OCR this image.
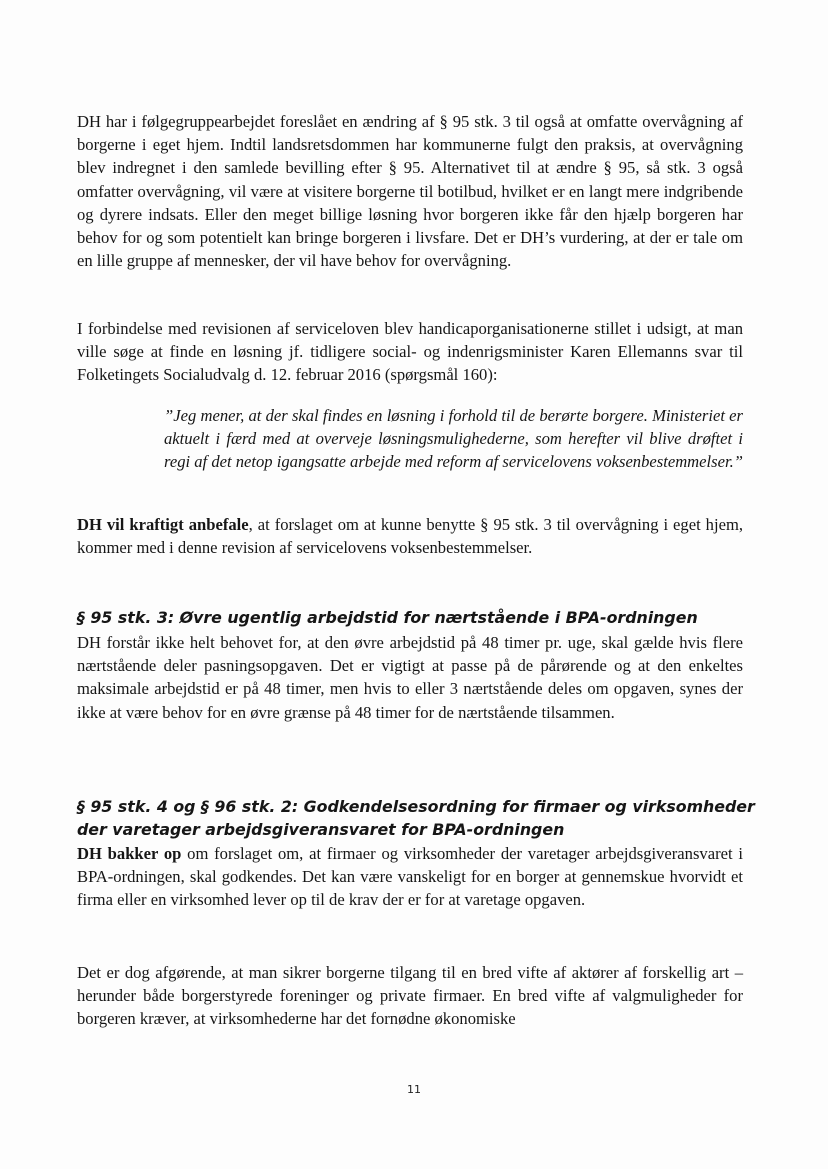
DH har i følgegruppearbejdet foreslået en ændring af § 95 stk. 3 til også at omfatte overvågning af borgerne i eget hjem. Indtil landsretsdommen har kommunerne fulgt den praksis, at overvågning blev indregnet i den samlede bevilling efter § 95. Alternativet til at ændre § 95, så stk. 3 også omfatter overvågning, vil være at visitere borgerne til botilbud, hvilket er en langt mere indgribende og dyrere indsats. Eller den meget billige løsning hvor borgeren ikke får den hjælp borgeren har behov for og som potentielt kan bringe borgeren i livsfare. Det er DH’s vurdering, at der er tale om en lille gruppe af mennesker, der vil have behov for overvågning.
I forbindelse med revisionen af serviceloven blev handicaporganisationerne stillet i udsigt, at man ville søge at finde en løsning jf. tidligere social- og indenrigsminister Karen Ellemanns svar til Folketingets Socialudvalg d. 12. februar 2016 (spørgsmål 160):
”Jeg mener, at der skal findes en løsning i forhold til de berørte borgere. Ministeriet er aktuelt i færd med at overveje løsningsmulighederne, som herefter vil blive drøftet i regi af det netop igangsatte arbejde med reform af servicelovens voksenbestemmelser.”
DH vil kraftigt anbefale, at forslaget om at kunne benytte § 95 stk. 3 til overvågning i eget hjem, kommer med i denne revision af servicelovens voksenbestemmelser.
§ 95 stk. 3: Øvre ugentlig arbejdstid for nærtstående i BPA-ordningen
DH forstår ikke helt behovet for, at den øvre arbejdstid på 48 timer pr. uge, skal gælde hvis flere nærtstående deler pasningsopgaven. Det er vigtigt at passe på de pårørende og at den enkeltes maksimale arbejdstid er på 48 timer, men hvis to eller 3 nærtstående deles om opgaven, synes der ikke at være behov for en øvre grænse på 48 timer for de nærtstående tilsammen.
§ 95 stk. 4 og § 96 stk. 2: Godkendelsesordning for firmaer og virksomheder der varetager arbejdsgiveransvaret for BPA-ordningen
DH bakker op om forslaget om, at firmaer og virksomheder der varetager arbejdsgiveransvaret i BPA-ordningen, skal godkendes. Det kan være vanskeligt for en borger at gennemskue hvorvidt et firma eller en virksomhed lever op til de krav der er for at varetage opgaven.
Det er dog afgørende, at man sikrer borgerne tilgang til en bred vifte af aktører af forskellig art – herunder både borgerstyrede foreninger og private firmaer. En bred vifte af valgmuligheder for borgeren kræver, at virksomhederne har det fornødne økonomiske
11
